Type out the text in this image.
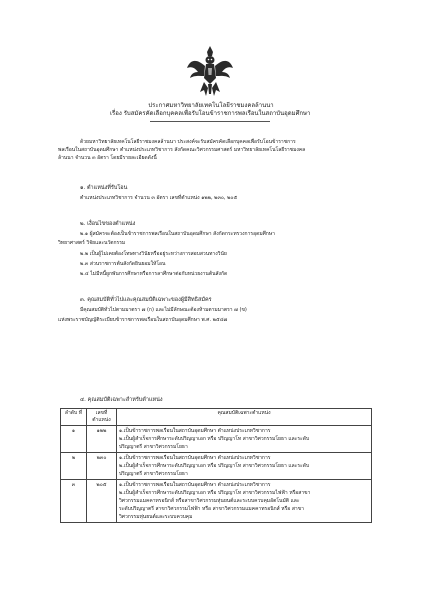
ประกาศมหาวิทยาลัยเทคโนโลยีราชมงคลล้านนา
เรื่อง รับสมัครคัดเลือกบุคคลเพื่อรับโอนข้าราชการพลเรือนในสถาบันอุดมศึกษา
ด้วยมหาวิทยาลัยเทคโนโลยีราชมงคลล้านนา ประสงค์จะรับสมัครคัดเลือกบุคคลเพื่อรับโอนข้าราชการ
พลเรือนในสถาบันอุดมศึกษา ตำแหน่งประเภทวิชาการ สังกัดคณะวิศวกรรมศาสตร์ มหาวิทยาลัยเทคโนโลยีราชมงคล
ล้านนา จำนวน ๓ อัตรา โดยมีรายละเอียดดังนี้
๑. ตำแหน่งที่รับโอน
ตำแหน่งประเภทวิชาการ จำนวน ๓ อัตรา เลขที่ตำแหน่ง ๑๒๒, ๒๓๐, ๒๐๕
๒. เงื่อนไขของตำแหน่ง
๒.๑ ผู้สมัครจะต้องเป็นข้าราชการพลเรือนในสถาบันอุดมศึกษา สังกัดกระทรวงการอุดมศึกษา
วิทยาศาสตร์ วิจัยและนวัตกรรม
๒.๒ เป็นผู้ไม่เคยต้องโทษทางวินัยหรืออยู่ระหว่างการสอบสวนทางวินัย
๒.๓ ส่วนราชการต้นสังกัดยินยอมให้โอน
๒.๔ ไม่มีหนี้ผูกพันการศึกษาหรือการลาศึกษาต่อกับหน่วยงานต้นสังกัด
๓. คุณสมบัติทั่วไปและคุณสมบัติเฉพาะของผู้มีสิทธิสมัคร
มีคุณสมบัติทั่วไปตามมาตรา ๗ (ก) และไม่มีลักษณะต้องห้ามตามมาตรา ๗ (ข)
แห่งพระราชบัญญัติระเบียบข้าราชการพลเรือนในสถาบันอุดมศึกษา พ.ศ. ๒๕๔๗
๔. คุณสมบัติเฉพาะสำหรับตำแหน่ง
ลำดับ ที่	เลขที่ ตำแหน่ง	คุณสมบัติเฉพาะตำแหน่ง
๑	๑๒๒	๑.เป็นข้าราชการพลเรือนในสถาบันอุดมศึกษา ตำแหน่งประเภทวิชาการ
๒.เป็นผู้สำเร็จการศึกษาระดับปริญญาเอก หรือ ปริญญาโท สาขาวิศวกรรมโยธา และระดับ
ปริญญาตรี สาขาวิศวกรรมโยธา

๒	๒๓๐	๑.เป็นข้าราชการพลเรือนในสถาบันอุดมศึกษา ตำแหน่งประเภทวิชาการ
๒.เป็นผู้สำเร็จการศึกษาระดับปริญญาเอก หรือ ปริญญาโท สาขาวิศวกรรมโยธา และระดับ
ปริญญาตรี สาขาวิศวกรรมโยธา

๓	๒๐๕	๑.เป็นข้าราชการพลเรือนในสถาบันอุดมศึกษา ตำแหน่งประเภทวิชาการ
๒.เป็นผู้สำเร็จการศึกษาระดับปริญญาเอก หรือ ปริญญาโท สาขาวิศวกรรมไฟฟ้า หรือสาขา
วิศวกรรมแมคคาทรอนิกส์ หรือสาขาวิศวกรรมหุ่นยนต์และระบบควบคุมอัตโนมัติ และ
ระดับปริญญาตรี สาขาวิศวกรรมไฟฟ้า หรือ สาขาวิศวกรรมแมคคาทรอนิกส์ หรือ สาขา
วิศวกรรมหุ่นยนต์และระบบควบคุม
